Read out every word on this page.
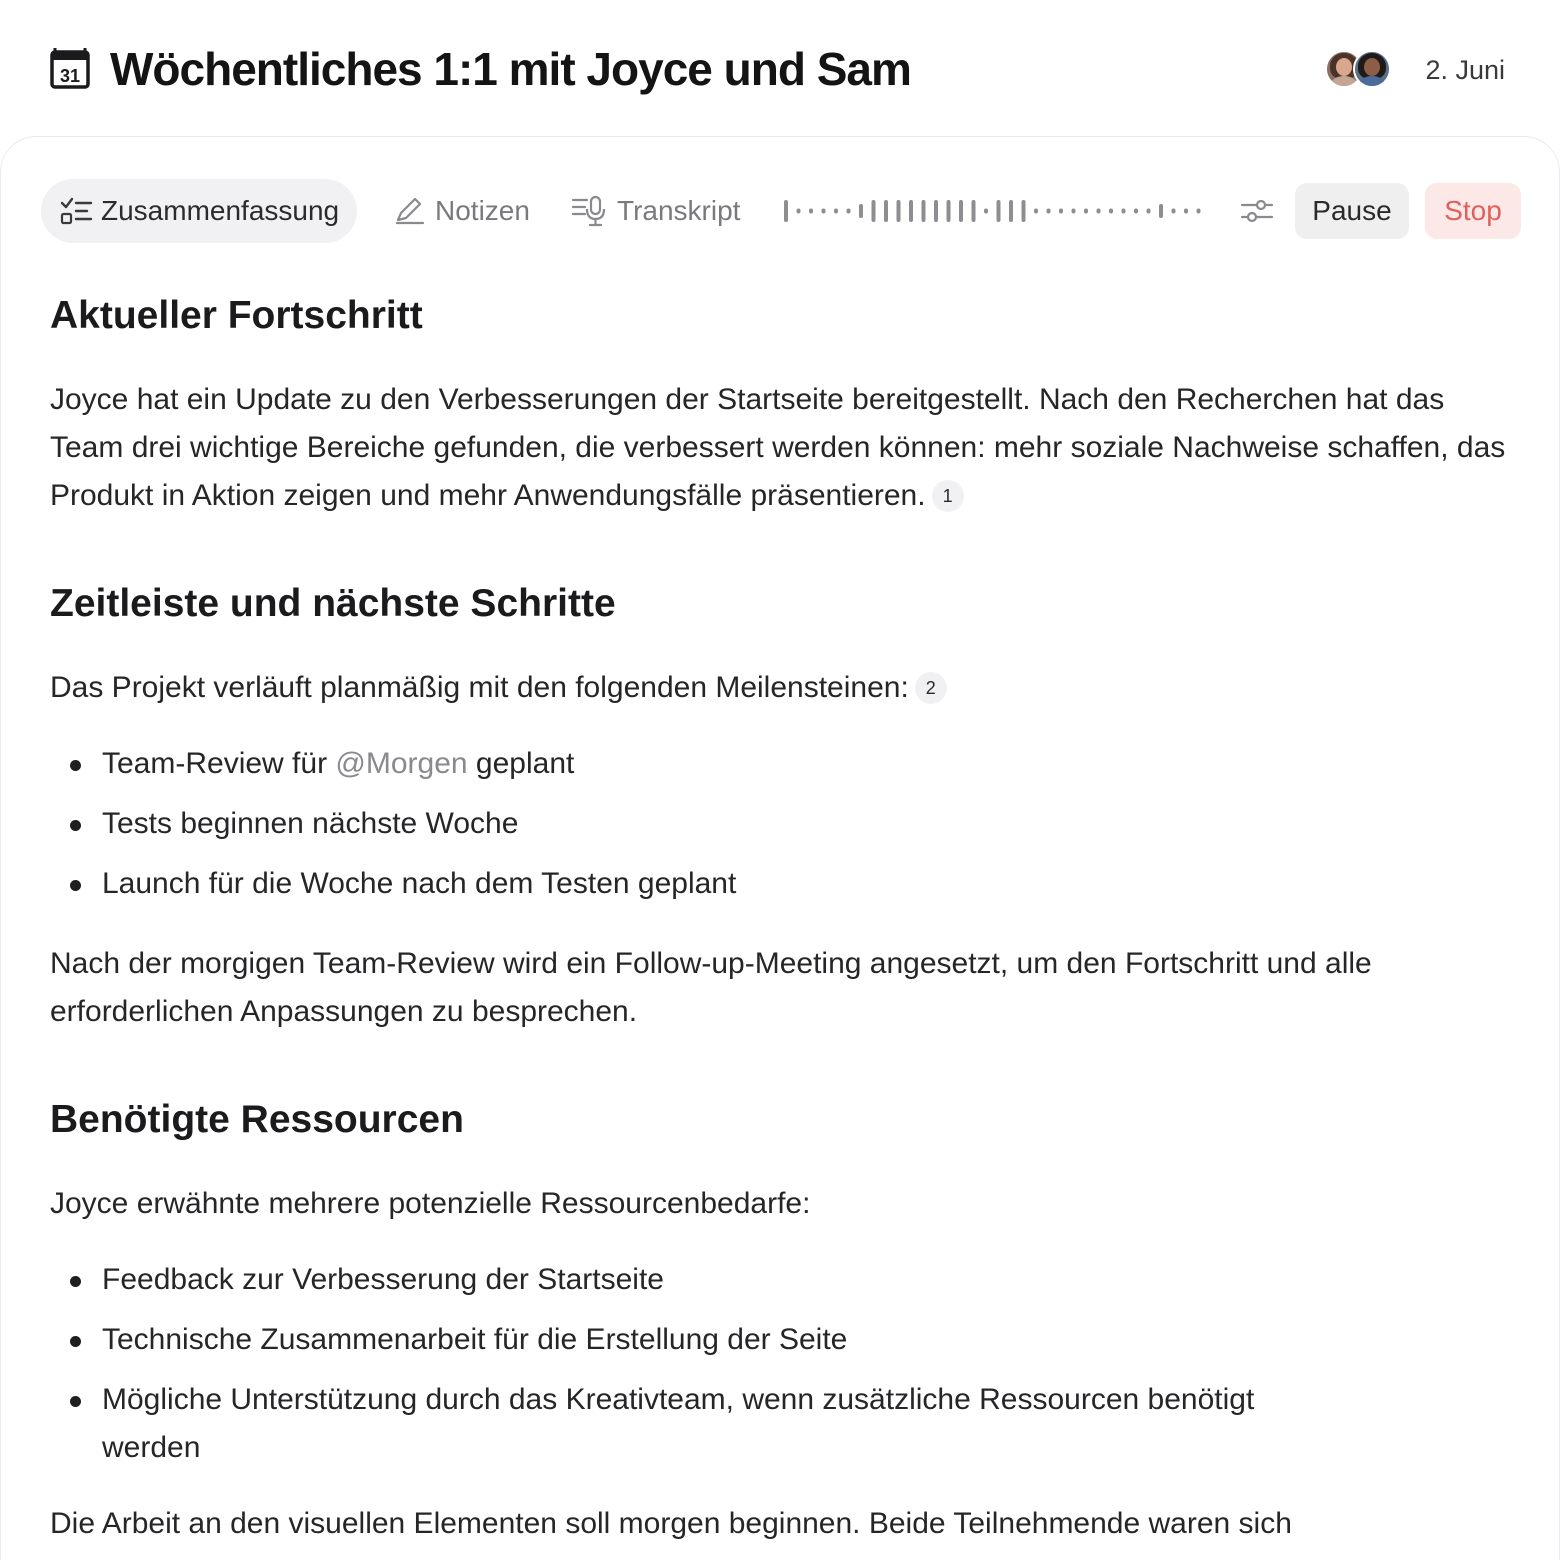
31 Wöchentliches 1:1 mit Joyce und Sam	2. Juni
Zusammenfassung	Notizen	Transkript	Pause	Stop
Aktueller Fortschritt

Joyce hat ein Update zu den Verbesserungen der Startseite bereitgestellt. Nach den Recherchen hat das Team drei wichtige Bereiche gefunden, die verbessert werden können: mehr soziale Nachweise schaffen, das Produkt in Aktion zeigen und mehr Anwendungsfälle präsentieren. 1

Zeitleiste und nächste Schritte

Das Projekt verläuft planmäßig mit den folgenden Meilensteinen: 2

Team-Review für @Morgen geplant
Tests beginnen nächste Woche
Launch für die Woche nach dem Testen geplant

Nach der morgigen Team-Review wird ein Follow-up-Meeting angesetzt, um den Fortschritt und alle erforderlichen Anpassungen zu besprechen.

Benötigte Ressourcen

Joyce erwähnte mehrere potenzielle Ressourcenbedarfe:

Feedback zur Verbesserung der Startseite
Technische Zusammenarbeit für die Erstellung der Seite
Mögliche Unterstützung durch das Kreativteam, wenn zusätzliche Ressourcen benötigt werden

Die Arbeit an den visuellen Elementen soll morgen beginnen. Beide Teilnehmende waren sich
